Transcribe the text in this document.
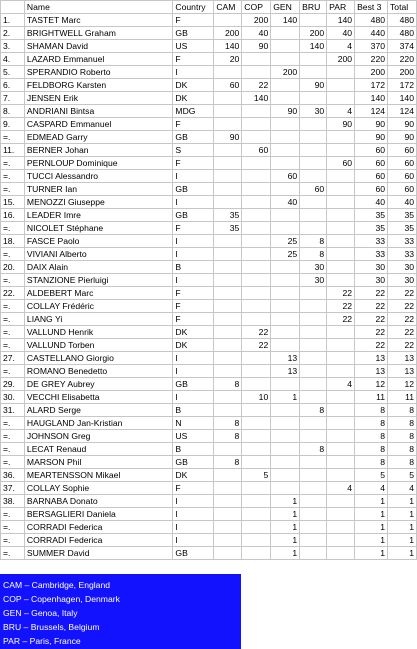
	Name	Country	CAM	COP	GEN	BRU	PAR	Best 3	Total
1.	TASTET Marc	F		200	140		140	480	480
2.	BRIGHTWELL Graham	GB	200	40		200	40	440	480
3.	SHAMAN David	US	140	90		140	4	370	374
4.	LAZARD Emmanuel	F	20				200	220	220
5.	SPERANDIO Roberto	I			200			200	200
6.	FELDBORG Karsten	DK	60	22		90		172	172
7.	JENSEN Erik	DK		140				140	140
8.	ANDRIANI Bintsa	MDG			90	30	4	124	124
9.	CASPARD Emmanuel	F					90	90	90
=.	EDMEAD Garry	GB	90					90	90
11.	BERNER Johan	S		60				60	60
=.	PERNLOUP Dominique	F					60	60	60
=.	TUCCI Alessandro	I			60			60	60
=.	TURNER Ian	GB				60		60	60
15.	MENOZZI Giuseppe	I			40			40	40
16.	LEADER Imre	GB	35					35	35
=.	NICOLET Stéphane	F	35					35	35
18.	FASCE Paolo	I			25	8		33	33
=.	VIVIANI Alberto	I			25	8		33	33
20.	DAIX Alain	B				30		30	30
=.	STANZIONE Pierluigi	I				30		30	30
22.	ALDEBERT Marc	F					22	22	22
=.	COLLAY Frédéric	F					22	22	22
=.	LIANG Yi	F					22	22	22
=.	VALLUND Henrik	DK		22				22	22
=.	VALLUND Torben	DK		22				22	22
27.	CASTELLANO Giorgio	I			13			13	13
=.	ROMANO Benedetto	I			13			13	13
29.	DE GREY Aubrey	GB	8				4	12	12
30.	VECCHI Elisabetta	I		10	1			11	11
31.	ALARD Serge	B				8		8	8
=.	HAUGLAND Jan-Kristian	N	8					8	8
=.	JOHNSON Greg	US	8					8	8
=.	LECAT Renaud	B				8		8	8
=.	MARSON Phil	GB	8					8	8
36.	MEARTENSSON Mikael	DK		5				5	5
37.	COLLAY Sophie	F					4	4	4
38.	BARNABA Donato	I			1			1	1
=.	BERSAGLIERI Daniela	I			1			1	1
=.	CORRADI Federica	I			1			1	1
=.	CORRADI Federica	I			1			1	1
=.	SUMMER David	GB			1			1	1
CAM – Cambridge, England
COP – Copenhagen, Denmark
GEN – Genoa, Italy
BRU – Brussels, Belgium
PAR – Paris, France
